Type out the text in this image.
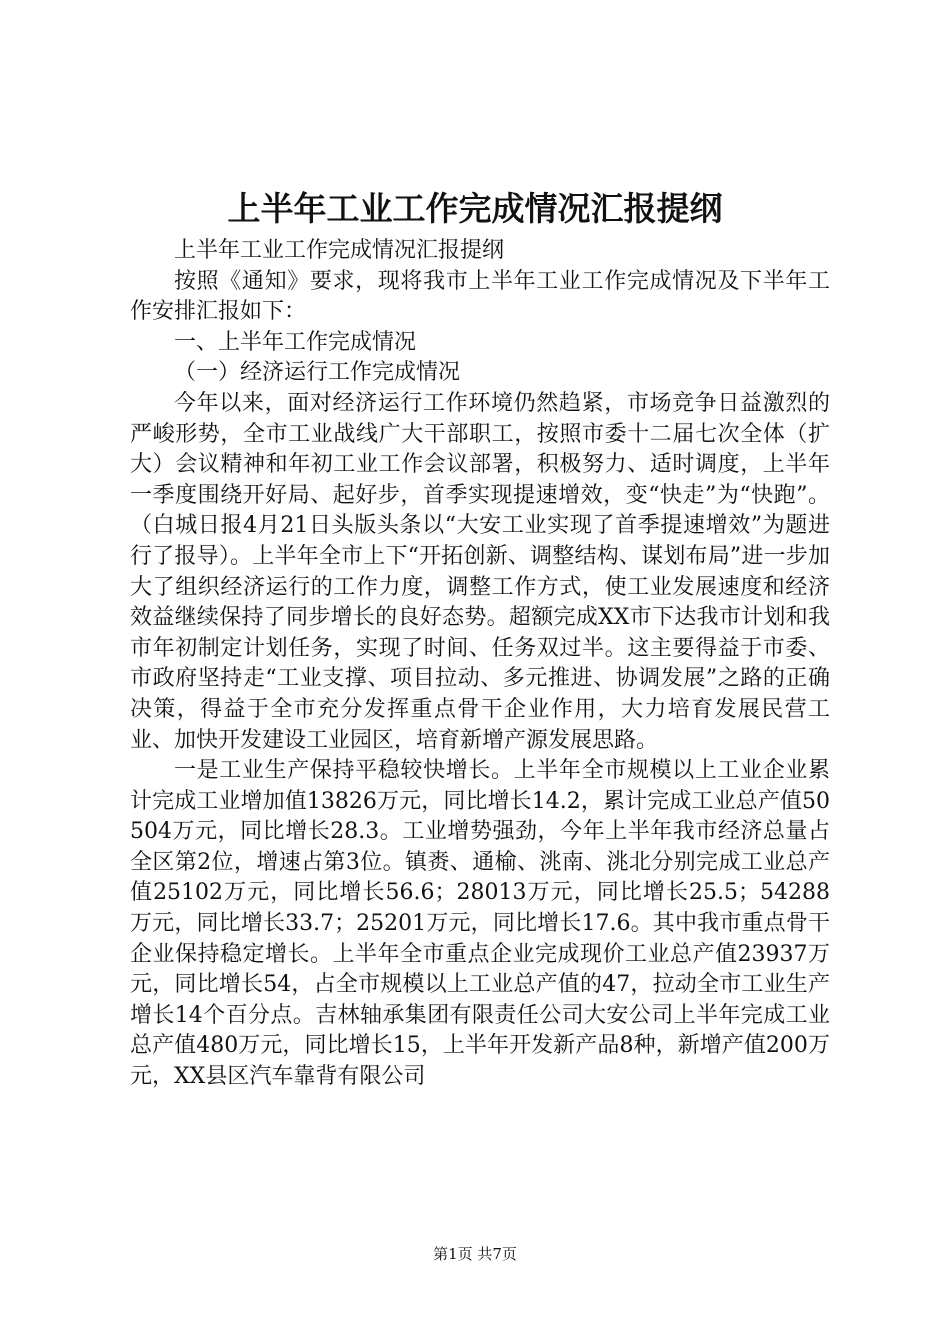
上半年工业工作完成情况汇报提纲

上半年工业工作完成情况汇报提纲

按照《通知》要求，现将我市上半年工业工作完成情况及下半年工作安排汇报如下：

一、上半年工作完成情况

（一）经济运行工作完成情况

今年以来，面对经济运行工作环境仍然趋紧，市场竞争日益激烈的严峻形势，全市工业战线广大干部职工，按照市委十二届七次全体（扩大）会议精神和年初工业工作会议部署，积极努力、适时调度，上半年一季度围绕开好局、起好步，首季实现提速增效，变“快走”为“快跑”。（白城日报4月21日头版头条以“大安工业实现了首季提速增效”为题进行了报导）。上半年全市上下“开拓创新、调整结构、谋划布局”进一步加大了组织经济运行的工作力度，调整工作方式，使工业发展速度和经济效益继续保持了同步增长的良好态势。超额完成XX市下达我市计划和我市年初制定计划任务，实现了时间、任务双过半。这主要得益于市委、市政府坚持走“工业支撑、项目拉动、多元推进、协调发展”之路的正确决策，得益于全市充分发挥重点骨干企业作用，大力培育发展民营工业、加快开发建设工业园区，培育新增产源发展思路。

一是工业生产保持平稳较快增长。上半年全市规模以上工业企业累计完成工业增加值13826万元，同比增长14.2，累计完成工业总产值50504万元，同比增长28.3。工业增势强劲，今年上半年我市经济总量占全区第2位，增速占第3位。镇赉、通榆、洮南、洮北分别完成工业总产值25102万元，同比增长56.6；28013万元，同比增长25.5；54288万元，同比增长33.7；25201万元，同比增长17.6。其中我市重点骨干企业保持稳定增长。上半年全市重点企业完成现价工业总产值23937万元，同比增长54，占全市规模以上工业总产值的47，拉动全市工业生产增长14个百分点。吉林轴承集团有限责任公司大安公司上半年完成工业总产值480万元，同比增长15，上半年开发新产品8种，新增产值200万元，XX县区汽车靠背有限公司

第1页 共7页
